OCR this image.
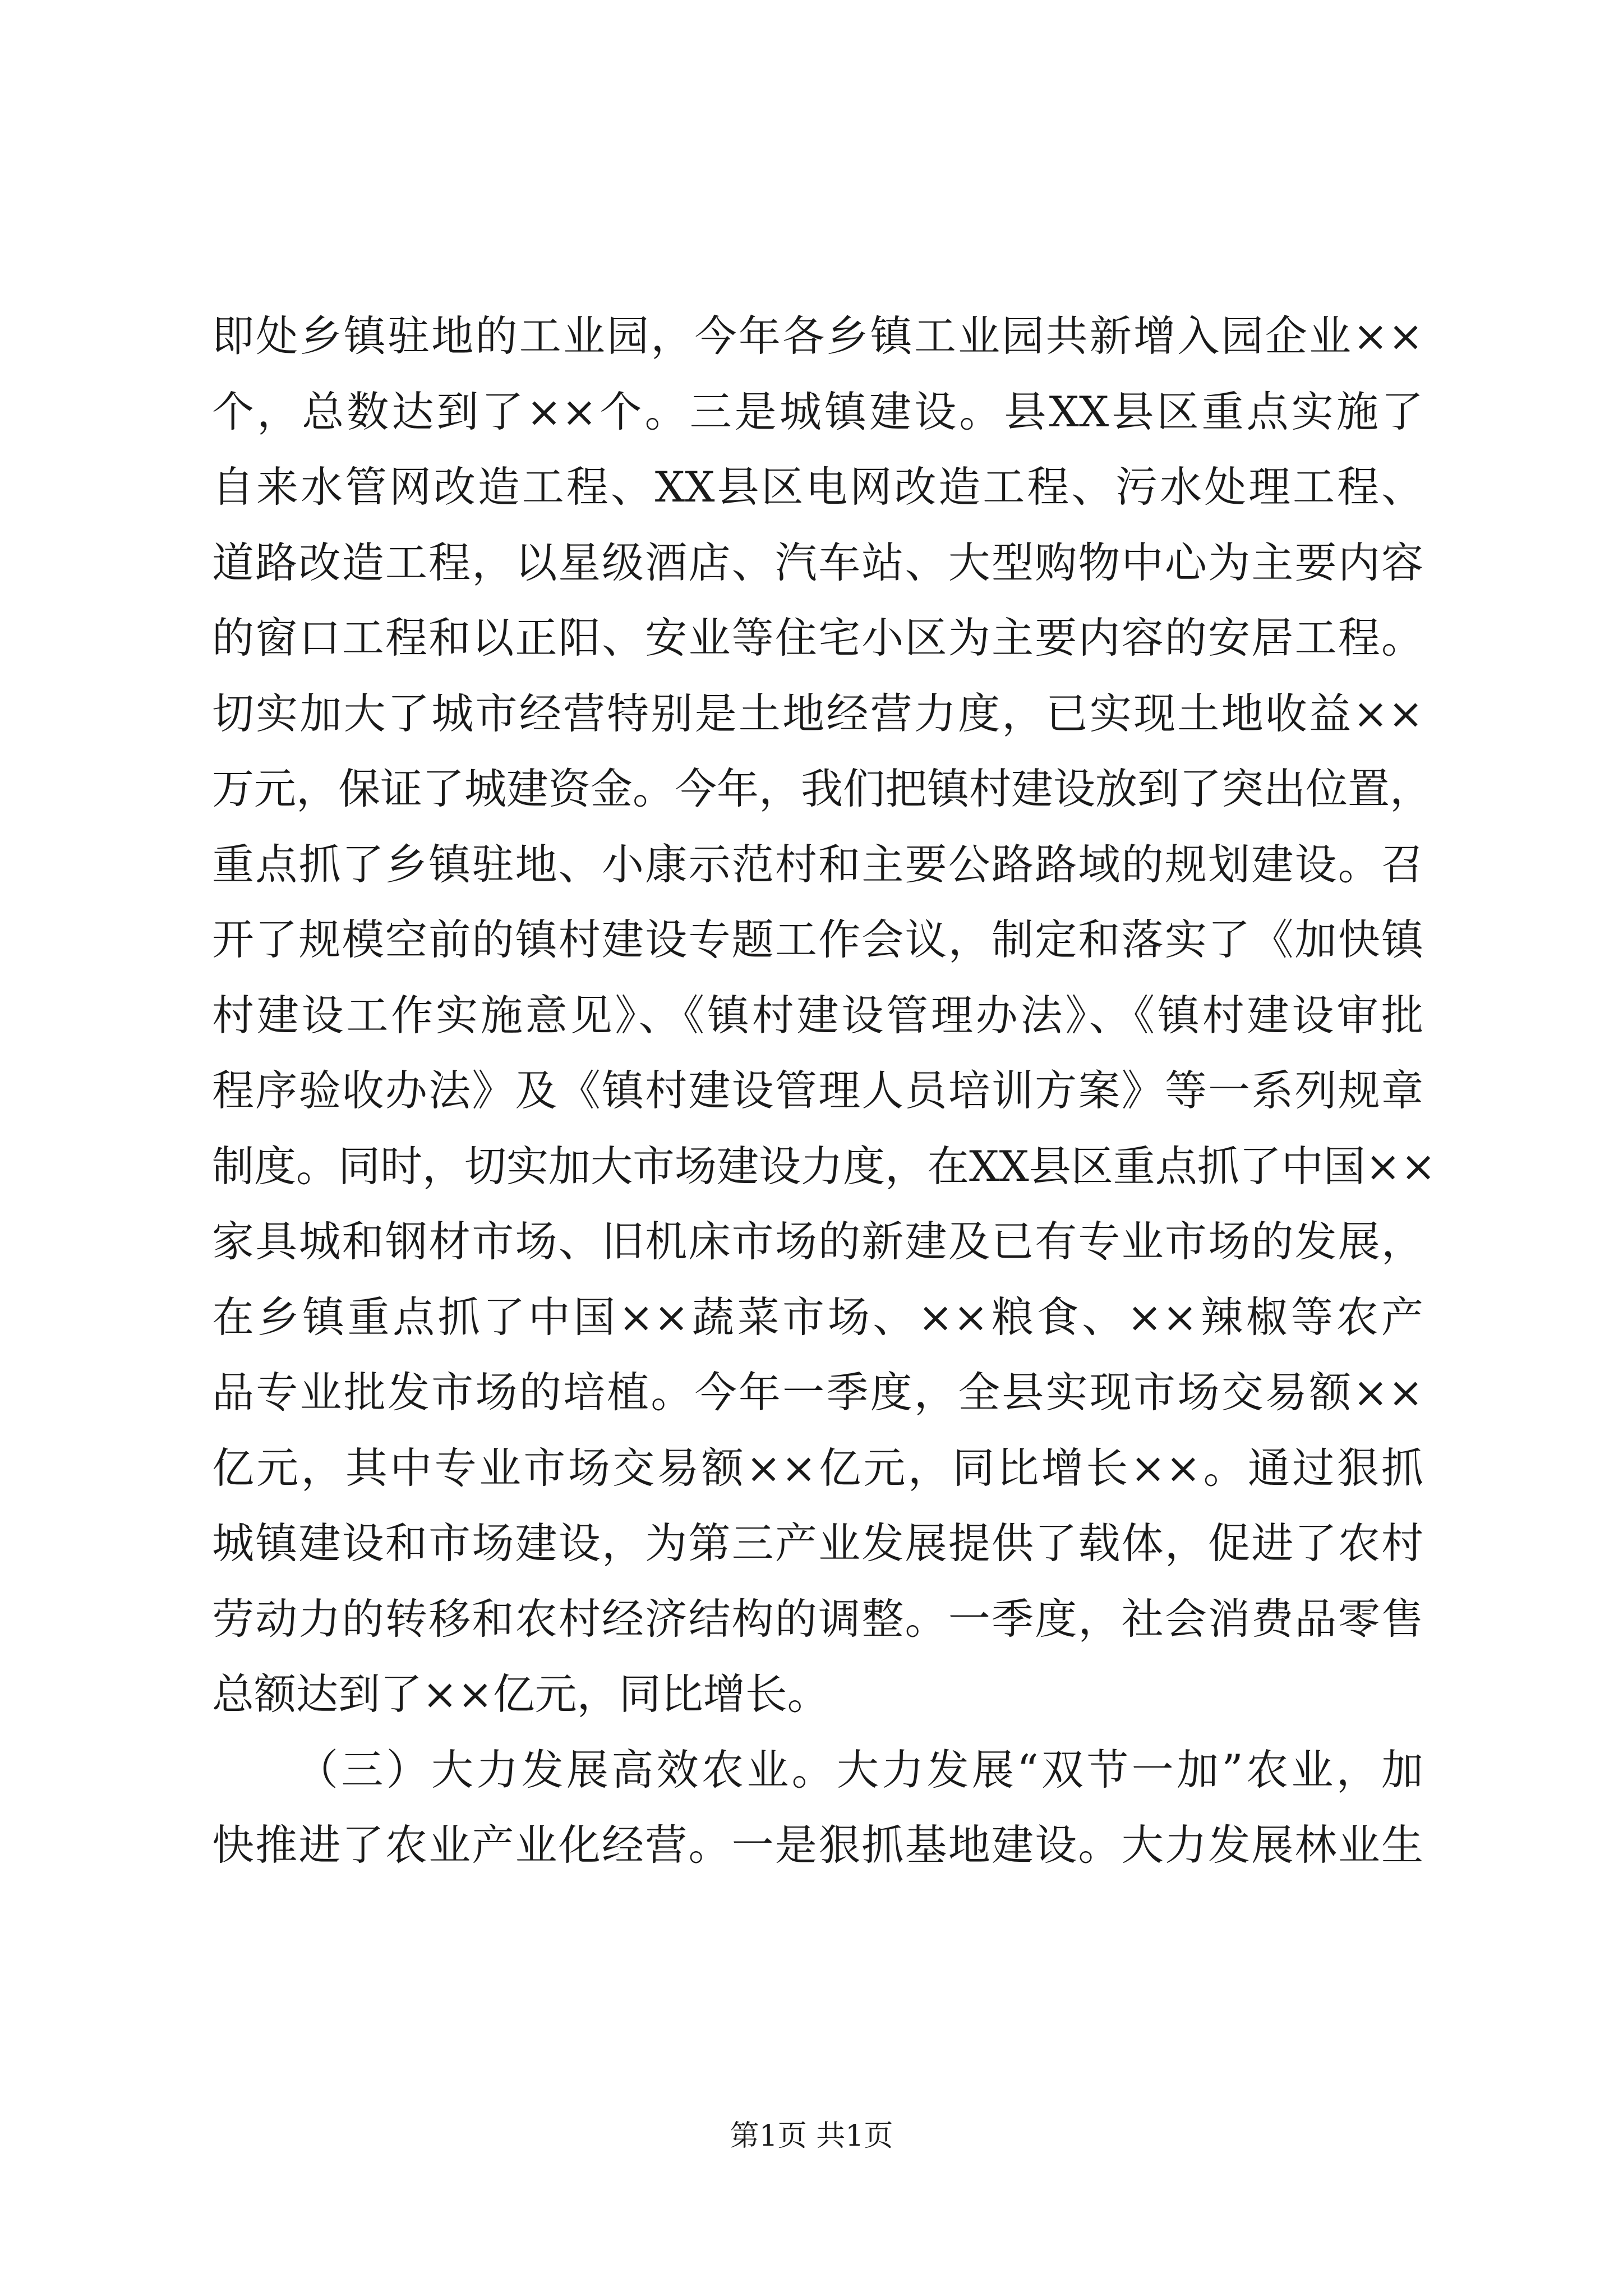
即处乡镇驻地的工业园，今年各乡镇工业园共新增入园企业××
个，总数达到了××个。三是城镇建设。县XX县区重点实施了
自来水管网改造工程、XX县区电网改造工程、污水处理工程、
道路改造工程，以星级酒店、汽车站、大型购物中心为主要内容
的窗口工程和以正阳、安业等住宅小区为主要内容的安居工程。
切实加大了城市经营特别是土地经营力度，已实现土地收益××
万元，保证了城建资金。今年，我们把镇村建设放到了突出位置，
重点抓了乡镇驻地、小康示范村和主要公路路域的规划建设。召
开了规模空前的镇村建设专题工作会议，制定和落实了《加快镇
村建设工作实施意见》、《镇村建设管理办法》、《镇村建设审批
程序验收办法》及《镇村建设管理人员培训方案》等一系列规章
制度。同时，切实加大市场建设力度，在XX县区重点抓了中国××
家具城和钢材市场、旧机床市场的新建及已有专业市场的发展，
在乡镇重点抓了中国××蔬菜市场、××粮食、××辣椒等农产
品专业批发市场的培植。今年一季度，全县实现市场交易额××
亿元，其中专业市场交易额××亿元，同比增长××。通过狠抓
城镇建设和市场建设，为第三产业发展提供了载体，促进了农村
劳动力的转移和农村经济结构的调整。一季度，社会消费品零售
总额达到了××亿元，同比增长。
（三）大力发展高效农业。大力发展“双节一加”农业，加
快推进了农业产业化经营。一是狠抓基地建设。大力发展林业生
第1页 共1页
